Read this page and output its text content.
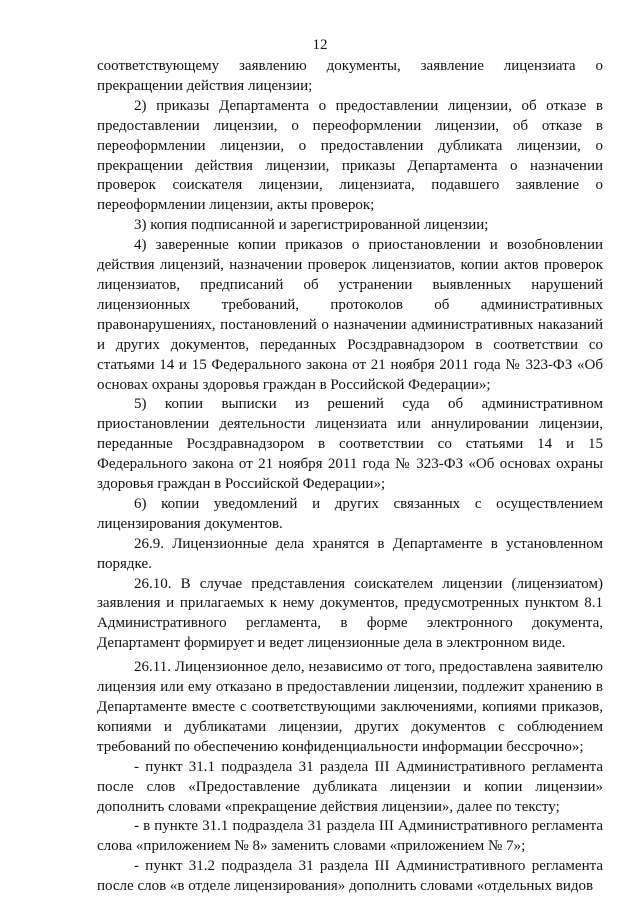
12

соответствующему заявлению документы, заявление лицензиата о прекращении действия лицензии;

2) приказы Департамента о предоставлении лицензии, об отказе в предоставлении лицензии, о переоформлении лицензии, об отказе в переоформлении лицензии, о предоставлении дубликата лицензии, о прекращении действия лицензии, приказы Департамента о назначении проверок соискателя лицензии, лицензиата, подавшего заявление о переоформлении лицензии, акты проверок;

3) копия подписанной и зарегистрированной лицензии;

4) заверенные копии приказов о приостановлении и возобновлении действия лицензий, назначении проверок лицензиатов, копии актов проверок лицензиатов, предписаний об устранении выявленных нарушений лицензионных требований, протоколов об административных правонарушениях, постановлений о назначении административных наказаний и других документов, переданных Росздравнадзором в соответствии со статьями 14 и 15 Федерального закона от 21 ноября 2011 года № 323-ФЗ «Об основах охраны здоровья граждан в Российской Федерации»;

5) копии выписки из решений суда об административном приостановлении деятельности лицензиата или аннулировании лицензии, переданные Росздравнадзором в соответствии со статьями 14 и 15 Федерального закона от 21 ноября 2011 года № 323-ФЗ «Об основах охраны здоровья граждан в Российской Федерации»;

6) копии уведомлений и других связанных с осуществлением лицензирования документов.

26.9. Лицензионные дела хранятся в Департаменте в установленном порядке.

26.10. В случае представления соискателем лицензии (лицензиатом) заявления и прилагаемых к нему документов, предусмотренных пунктом 8.1 Административного регламента, в форме электронного документа, Департамент формирует и ведет лицензионные дела в электронном виде.

26.11. Лицензионное дело, независимо от того, предоставлена заявителю лицензия или ему отказано в предоставлении лицензии, подлежит хранению в Департаменте вместе с соответствующими заключениями, копиями приказов, копиями и дубликатами лицензии, других документов с соблюдением требований по обеспечению конфиденциальности информации бессрочно»;

- пункт 31.1 подраздела 31 раздела III Административного регламента после слов «Предоставление дубликата лицензии и копии лицензии» дополнить словами «прекращение действия лицензии», далее по тексту;

- в пункте 31.1 подраздела 31 раздела III Административного регламента слова «приложением № 8» заменить словами «приложением № 7»;

- пункт 31.2 подраздела 31 раздела III Административного регламента после слов «в отделе лицензирования» дополнить словами «отдельных видов
